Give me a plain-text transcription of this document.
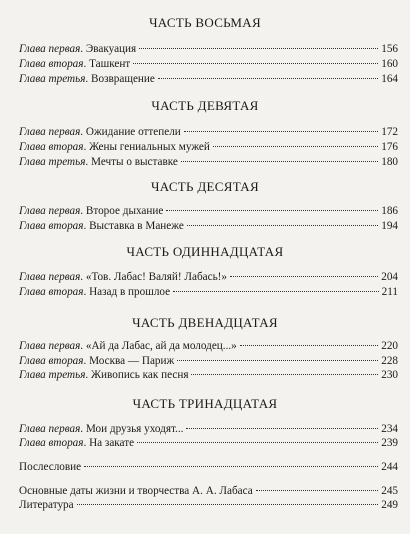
ЧАСТЬ ВОСЬМАЯ
Глава первая. Эвакуация	156
Глава вторая. Ташкент	160
Глава третья. Возвращение	164
ЧАСТЬ ДЕВЯТАЯ
Глава первая. Ожидание оттепели	172
Глава вторая. Жены гениальных мужей	176
Глава третья. Мечты о выставке	180
ЧАСТЬ ДЕСЯТАЯ
Глава первая. Второе дыхание	186
Глава вторая. Выставка в Манеже	194
ЧАСТЬ ОДИННАДЦАТАЯ
Глава первая. «Тов. Лабас! Валяй! Лабась!»	204
Глава вторая. Назад в прошлое	211
ЧАСТЬ ДВЕНАДЦАТАЯ
Глава первая. «Ай да Лабас, ай да молодец...»	220
Глава вторая. Москва — Париж	228
Глава третья. Живопись как песня	230
ЧАСТЬ ТРИНАДЦАТАЯ
Глава первая. Мои друзья уходят...	234
Глава вторая. На закате	239
Послесловие	244
Основные даты жизни и творчества А. А. Лабаса	245
Литература	249
